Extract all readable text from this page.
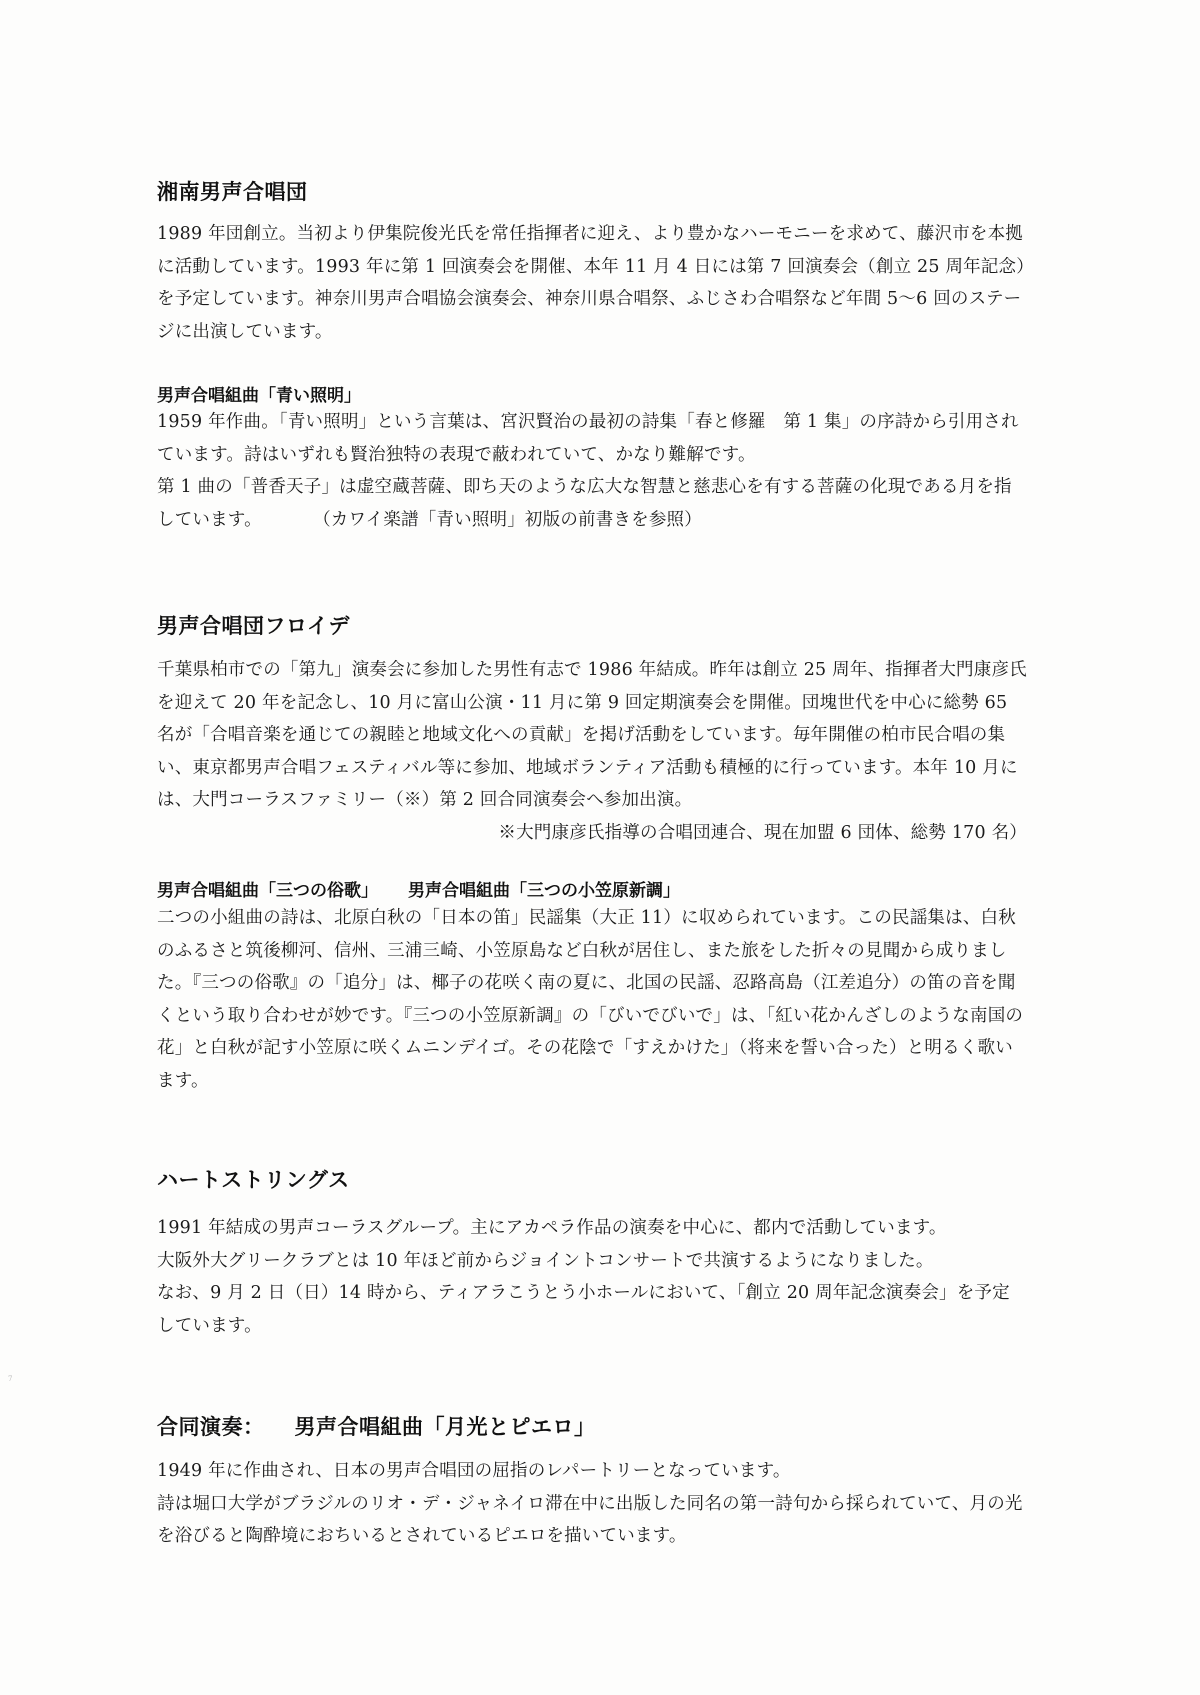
湘南男声合唱団

1989 年団創立。当初より伊集院俊光氏を常任指揮者に迎え、より豊かなハーモニーを求めて、藤沢市を本拠に活動しています。1993 年に第 1 回演奏会を開催、本年 11 月 4 日には第 7 回演奏会（創立 25 周年記念）を予定しています。神奈川男声合唱協会演奏会、神奈川県合唱祭、ふじさわ合唱祭など年間 5〜6 回のステージに出演しています。

男声合唱組曲「青い照明」

1959 年作曲。「青い照明」という言葉は、宮沢賢治の最初の詩集「春と修羅　第 1 集」の序詩から引用されています。詩はいずれも賢治独特の表現で蔽われていて、かなり難解です。

第 1 曲の「普香天子」は虚空蔵菩薩、即ち天のような広大な智慧と慈悲心を有する菩薩の化現である月を指しています。	（カワイ楽譜「青い照明」初版の前書きを参照）

男声合唱団フロイデ

千葉県柏市での「第九」演奏会に参加した男性有志で 1986 年結成。昨年は創立 25 周年、指揮者大門康彦氏を迎えて 20 年を記念し、10 月に富山公演・11 月に第 9 回定期演奏会を開催。団塊世代を中心に総勢 65 名が「合唱音楽を通じての親睦と地域文化への貢献」を掲げ活動をしています。毎年開催の柏市民合唱の集い、東京都男声合唱フェスティバル等に参加、地域ボランティア活動も積極的に行っています。本年 10 月には、大門コーラスファミリー（※）第 2 回合同演奏会へ参加出演。

※大門康彦氏指導の合唱団連合、現在加盟 6 団体、総勢 170 名）

男声合唱組曲「三つの俗歌」 男声合唱組曲「三つの小笠原新調」

二つの小組曲の詩は、北原白秋の「日本の笛」民謡集（大正 11）に収められています。この民謡集は、白秋のふるさと筑後柳河、信州、三浦三崎、小笠原島など白秋が居住し、また旅をした折々の見聞から成りました。『三つの俗歌』の「追分」は、椰子の花咲く南の夏に、北国の民謡、忍路高島（江差追分）の笛の音を聞くという取り合わせが妙です。『三つの小笠原新調』の「びいでびいで」は、「紅い花かんざしのような南国の花」と白秋が記す小笠原に咲くムニンデイゴ。その花陰で「すえかけた」（将来を誓い合った）と明るく歌います。

ハートストリングス

1991 年結成の男声コーラスグループ。主にアカペラ作品の演奏を中心に、都内で活動しています。

大阪外大グリークラブとは 10 年ほど前からジョイントコンサートで共演するようになりました。

なお、9 月 2 日（日）14 時から、ティアラこうとう小ホールにおいて、「創立 20 周年記念演奏会」を予定しています。

合同演奏： 男声合唱組曲「月光とピエロ」

1949 年に作曲され、日本の男声合唱団の屈指のレパートリーとなっています。

詩は堀口大学がブラジルのリオ・デ・ジャネイロ滞在中に出版した同名の第一詩句から採られていて、月の光を浴びると陶酔境におちいるとされているピエロを描いています。

7
